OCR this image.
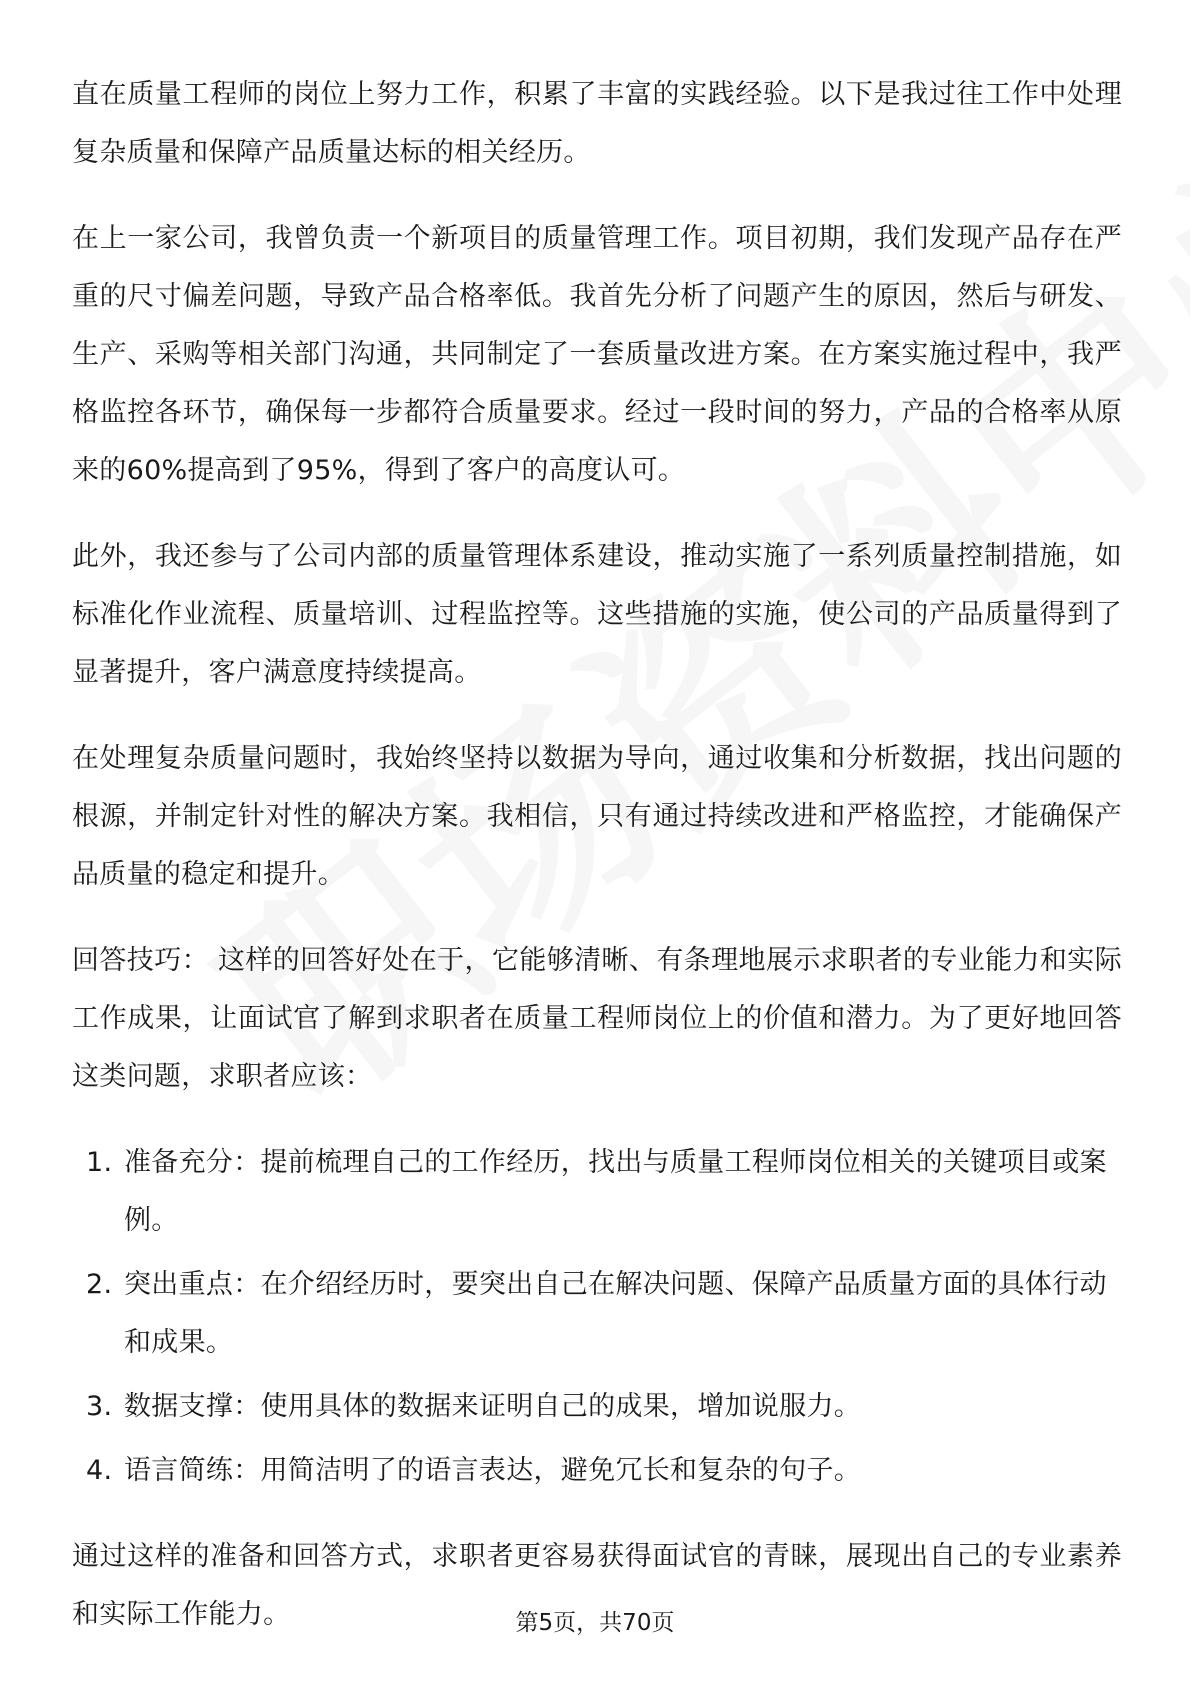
直在质量工程师的岗位上努力工作，积累了丰富的实践经验。以下是我过往工作中处理复杂质量和保障产品质量达标的相关经历。

在上一家公司，我曾负责一个新项目的质量管理工作。项目初期，我们发现产品存在严重的尺寸偏差问题，导致产品合格率低。我首先分析了问题产生的原因，然后与研发、生产、采购等相关部门沟通，共同制定了一套质量改进方案。在方案实施过程中，我严格监控各环节，确保每一步都符合质量要求。经过一段时间的努力，产品的合格率从原来的60%提高到了95%，得到了客户的高度认可。

此外，我还参与了公司内部的质量管理体系建设，推动实施了一系列质量控制措施，如标准化作业流程、质量培训、过程监控等。这些措施的实施，使公司的产品质量得到了显著提升，客户满意度持续提高。

在处理复杂质量问题时，我始终坚持以数据为导向，通过收集和分析数据，找出问题的根源，并制定针对性的解决方案。我相信，只有通过持续改进和严格监控，才能确保产品质量的稳定和提升。

回答技巧： 这样的回答好处在于，它能够清晰、有条理地展示求职者的专业能力和实际工作成果，让面试官了解到求职者在质量工程师岗位上的价值和潜力。为了更好地回答这类问题，求职者应该：

1. 准备充分：提前梳理自己的工作经历，找出与质量工程师岗位相关的关键项目或案例。
2. 突出重点：在介绍经历时，要突出自己在解决问题、保障产品质量方面的具体行动和成果。
3. 数据支撑：使用具体的数据来证明自己的成果，增加说服力。
4. 语言简练：用简洁明了的语言表达，避免冗长和复杂的句子。

通过这样的准备和回答方式，求职者更容易获得面试官的青睐，展现出自己的专业素养和实际工作能力。	第5页，共70页
